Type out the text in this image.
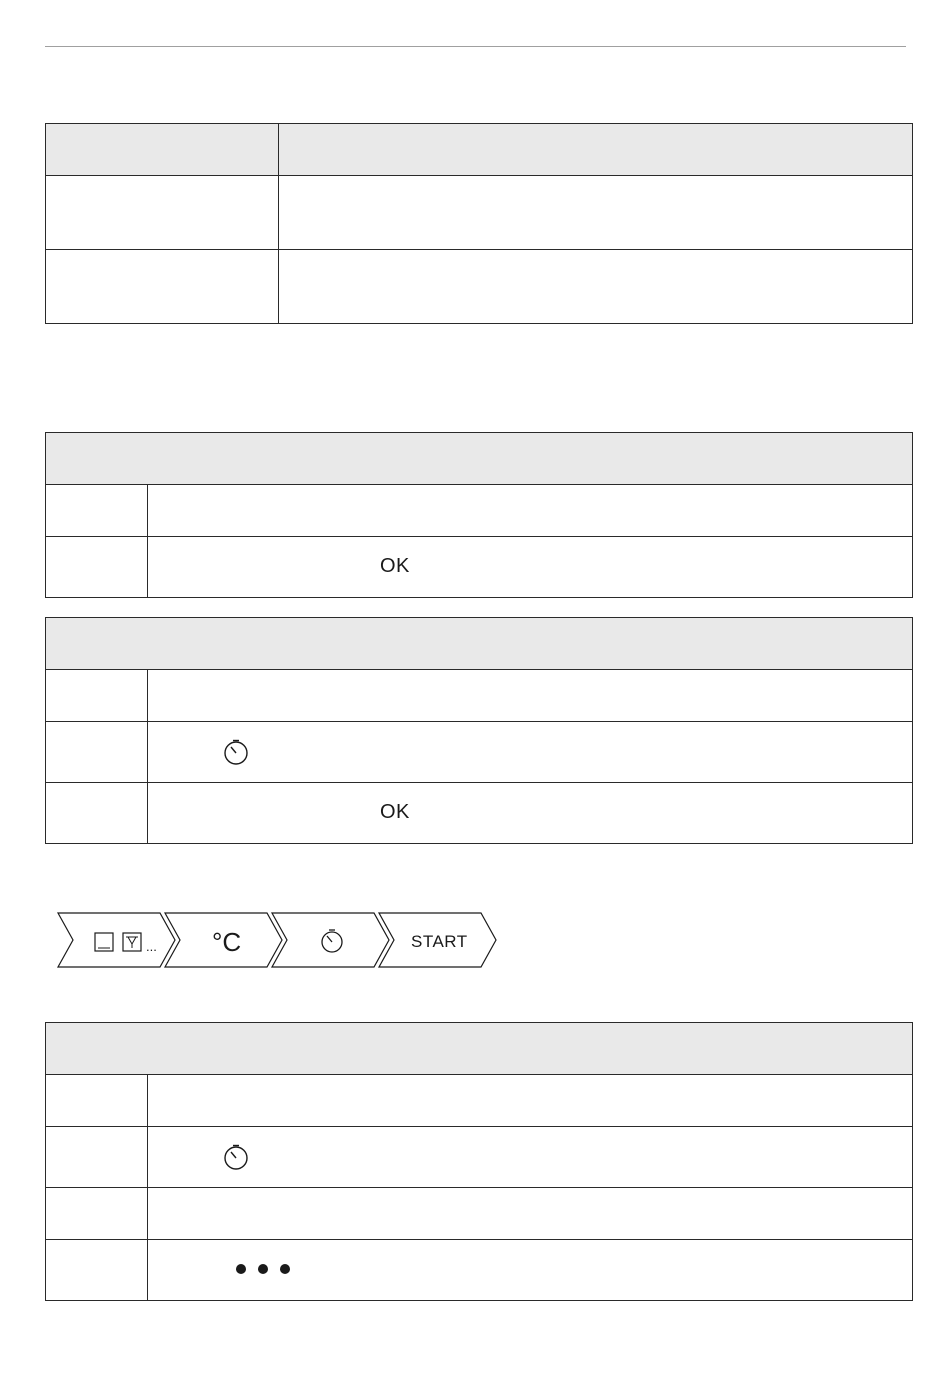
	OK

	OK
... °C	START
